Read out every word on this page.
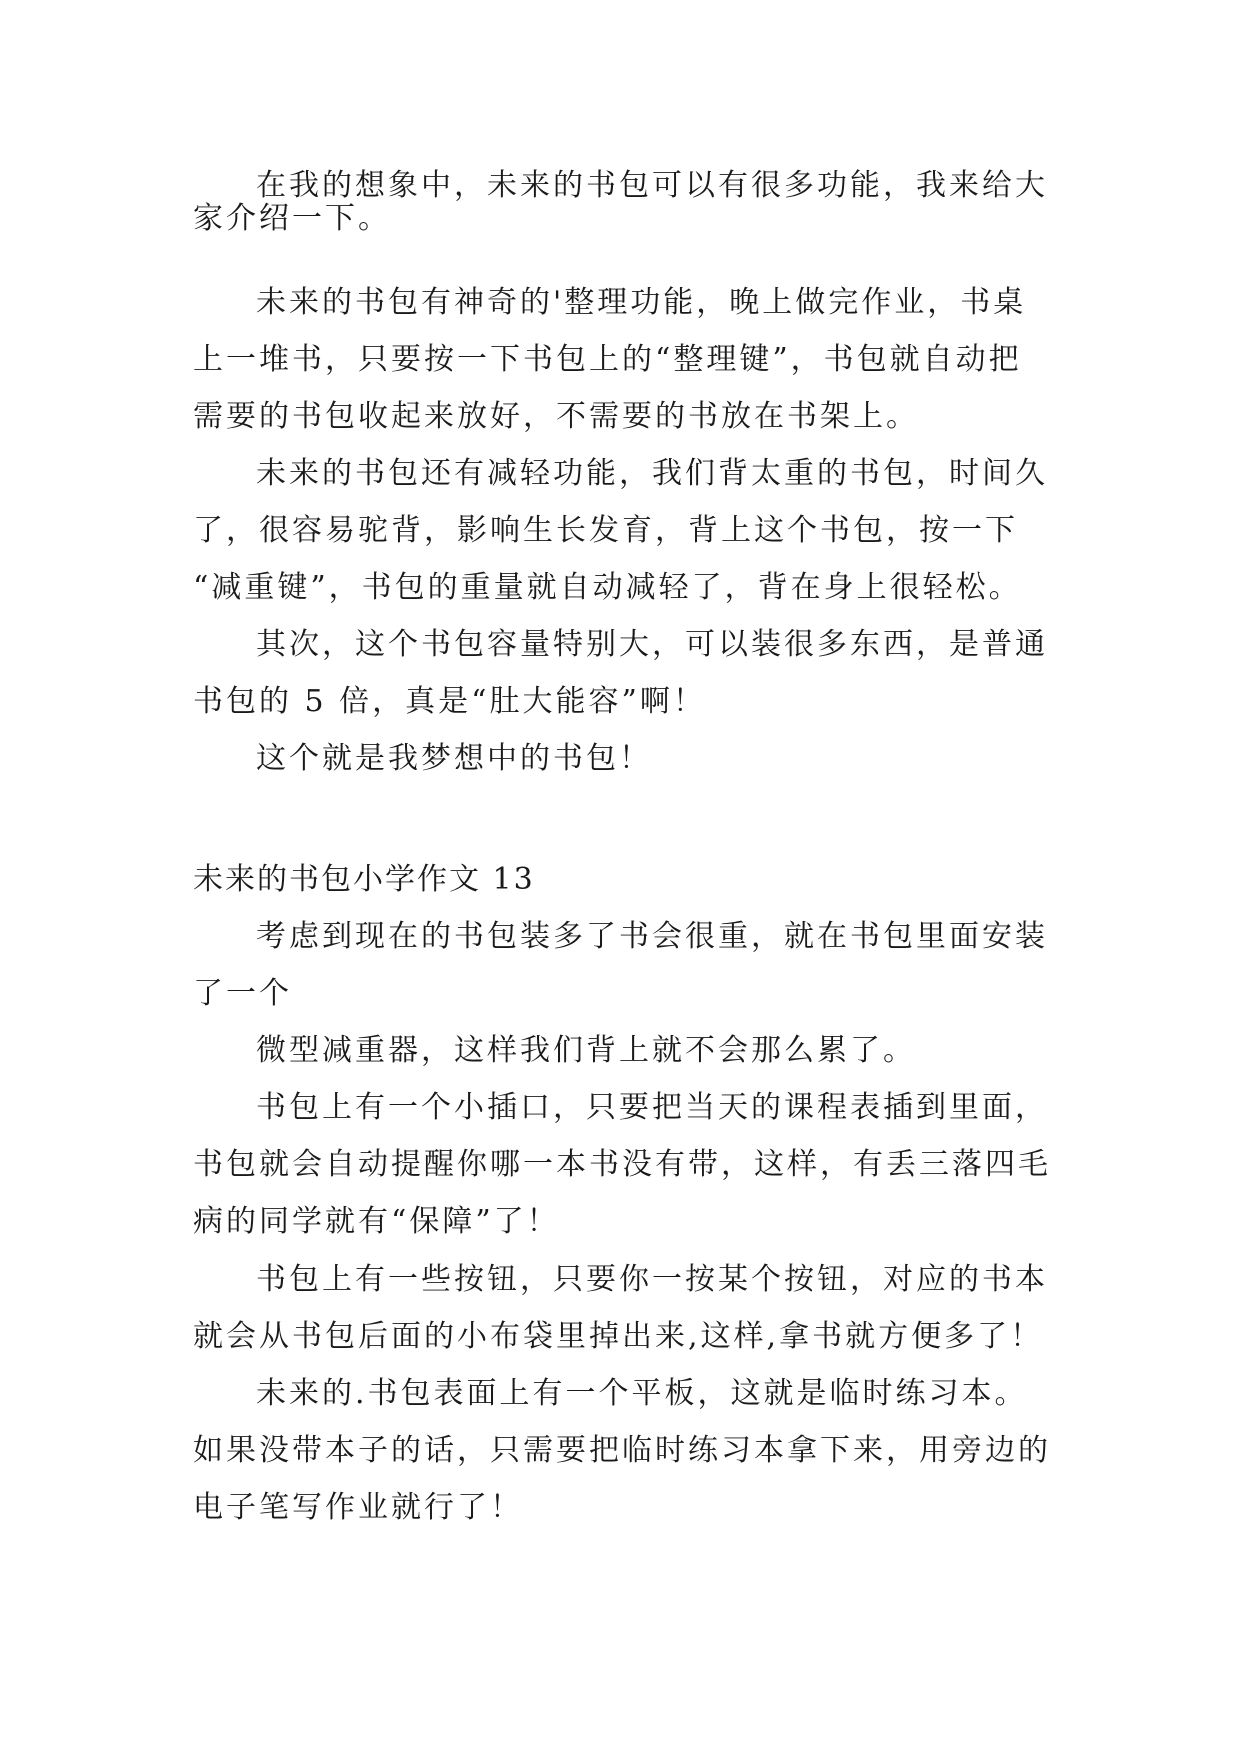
在我的想象中，未来的书包可以有很多功能，我来给大
家介绍一下。
未来的书包有神奇的'整理功能，晚上做完作业，书桌
上一堆书，只要按一下书包上的“整理键”，书包就自动把
需要的书包收起来放好，不需要的书放在书架上。
未来的书包还有减轻功能，我们背太重的书包，时间久
了，很容易驼背，影响生长发育，背上这个书包，按一下
“减重键”，书包的重量就自动减轻了，背在身上很轻松。
其次，这个书包容量特别大，可以装很多东西，是普通
书包的 5 倍，真是“肚大能容”啊！
这个就是我梦想中的书包！
未来的书包小学作文 13
考虑到现在的书包装多了书会很重，就在书包里面安装
了一个
微型减重器，这样我们背上就不会那么累了。
书包上有一个小插口，只要把当天的课程表插到里面，
书包就会自动提醒你哪一本书没有带，这样，有丢三落四毛
病的同学就有“保障”了！
书包上有一些按钮，只要你一按某个按钮，对应的书本
就会从书包后面的小布袋里掉出来,这样,拿书就方便多了！
未来的.书包表面上有一个平板，这就是临时练习本。
如果没带本子的话，只需要把临时练习本拿下来，用旁边的
电子笔写作业就行了！
